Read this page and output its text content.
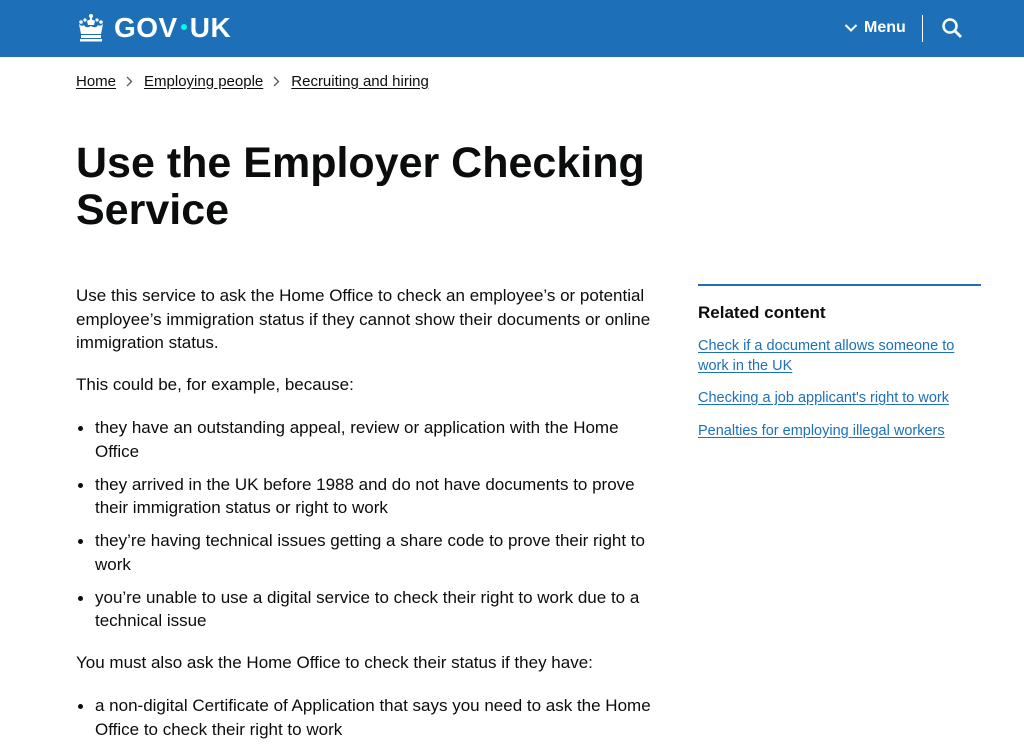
GOV UK	Menu
Home Employing people Recruiting and hiring
Use the Employer Checking Service

Use this service to ask the Home Office to check an employee’s or potential employee’s immigration status if they cannot show their documents or online immigration status.

This could be, for example, because:

they have an outstanding appeal, review or application with the Home Office
they arrived in the UK before 1988 and do not have documents to prove their immigration status or right to work
they’re having technical issues getting a share code to prove their right to work
you’re unable to use a digital service to check their right to work due to a technical issue

You must also ask the Home Office to check their status if they have:

a non-digital Certificate of Application that says you need to ask the Home Office to check their right to work
Related content
Check if a document allows someone to work in the UK
Checking a job applicant's right to work
Penalties for employing illegal workers
